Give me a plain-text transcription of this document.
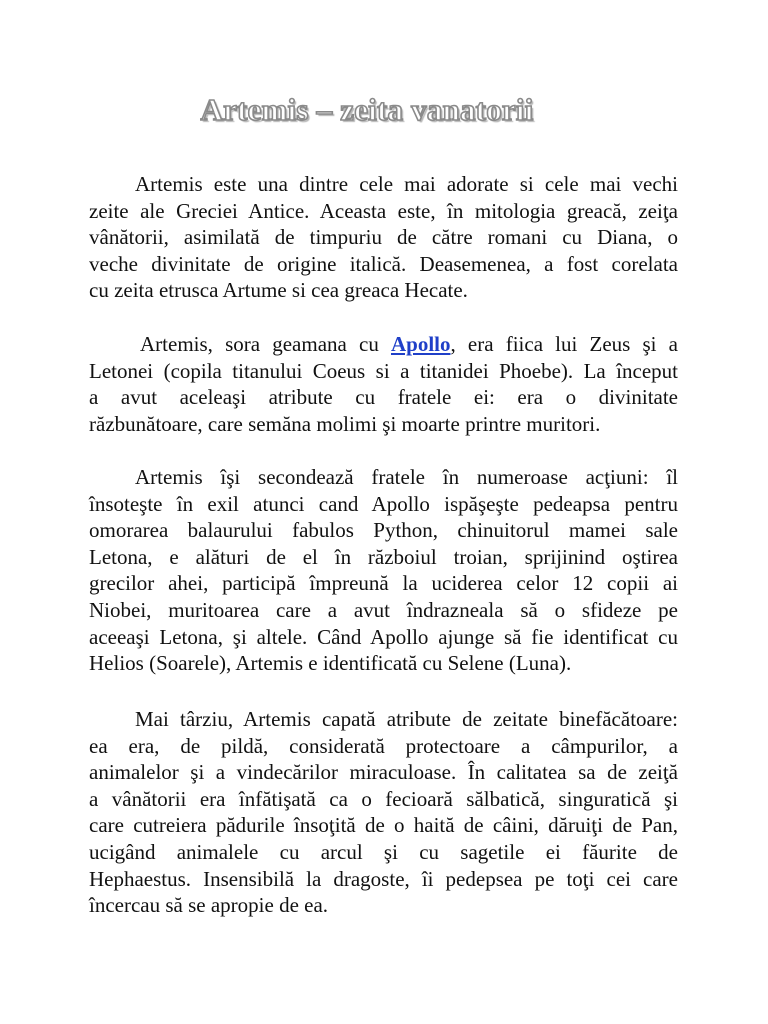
Artemis – zeita vanatorii

Artemis este una dintre cele mai adorate si cele mai vechi
zeite ale Greciei Antice. Aceasta este, în mitologia greacă, zeiţa
vânătorii, asimilată de timpuriu de către romani cu Diana, o
veche divinitate de origine italică. Deasemenea, a fost corelata
cu zeita etrusca Artume si cea greaca Hecate.

Artemis, sora geamana cu Apollo, era fiica lui Zeus şi a
Letonei (copila titanului Coeus si a titanidei Phoebe). La început
a avut aceleaşi atribute cu fratele ei: era o divinitate
răzbunătoare, care semăna molimi şi moarte printre muritori.

Artemis îşi secondează fratele în numeroase acţiuni: îl
însoteşte în exil atunci cand Apollo ispăşeşte pedeapsa pentru
omorarea balaurului fabulos Python, chinuitorul mamei sale
Letona, e alături de el în războiul troian, sprijinind oştirea
grecilor ahei, participă împreună la uciderea celor 12 copii ai
Niobei, muritoarea care a avut îndrazneala să o sfideze pe
aceeaşi Letona, şi altele. Când Apollo ajunge să fie identificat cu
Helios (Soarele), Artemis e identificată cu Selene (Luna).

Mai târziu, Artemis capată atribute de zeitate binefăcătoare:
ea era, de pildă, considerată protectoare a câmpurilor, a
animalelor şi a vindecărilor miraculoase. În calitatea sa de zeiţă
a vânătorii era înfătişată ca o fecioară sălbatică, singuratică şi
care cutreiera pădurile însoţită de o haită de câini, dăruiţi de Pan,
ucigând animalele cu arcul şi cu sagetile ei făurite de
Hephaestus. Insensibilă la dragoste, îi pedepsea pe toţi cei care
încercau să se apropie de ea.
